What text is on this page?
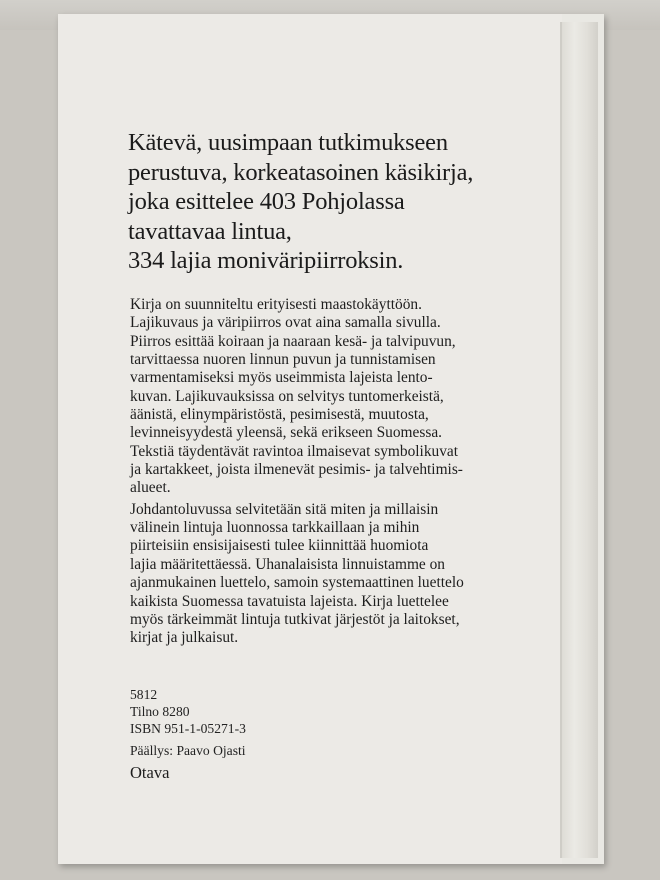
Kätevä, uusimpaan tutkimukseen
perustuva, korkeatasoinen käsikirja,
joka esittelee 403 Pohjolassa
tavattavaa lintua,
334 lajia moniväripiirroksin.

Kirja on suunniteltu erityisesti maastokäyttöön.
Lajikuvaus ja väripiirros ovat aina samalla sivulla.
Piirros esittää koiraan ja naaraan kesä- ja talvipuvun,
tarvittaessa nuoren linnun puvun ja tunnistamisen
varmentamiseksi myös useimmista lajeista lento-
kuvan. Lajikuvauksissa on selvitys tuntomerkeistä,
äänistä, elinympäristöstä, pesimisestä, muutosta,
levinneisyydestä yleensä, sekä erikseen Suomessa.
Tekstiä täydentävät ravintoa ilmaisevat symbolikuvat
ja kartakkeet, joista ilmenevät pesimis- ja talvehtimis-
alueet.
Johdantoluvussa selvitetään sitä miten ja millaisin
välinein lintuja luonnossa tarkkaillaan ja mihin
piirteisiin ensisijaisesti tulee kiinnittää huomiota
lajia määritettäessä. Uhanalaisista linnuistamme on
ajanmukainen luettelo, samoin systemaattinen luettelo
kaikista Suomessa tavatuista lajeista. Kirja luettelee
myös tärkeimmät lintuja tutkivat järjestöt ja laitokset,
kirjat ja julkaisut.
5812
Tilno 8280
ISBN 951-1-05271-3
Päällys: Paavo Ojasti
Otava
